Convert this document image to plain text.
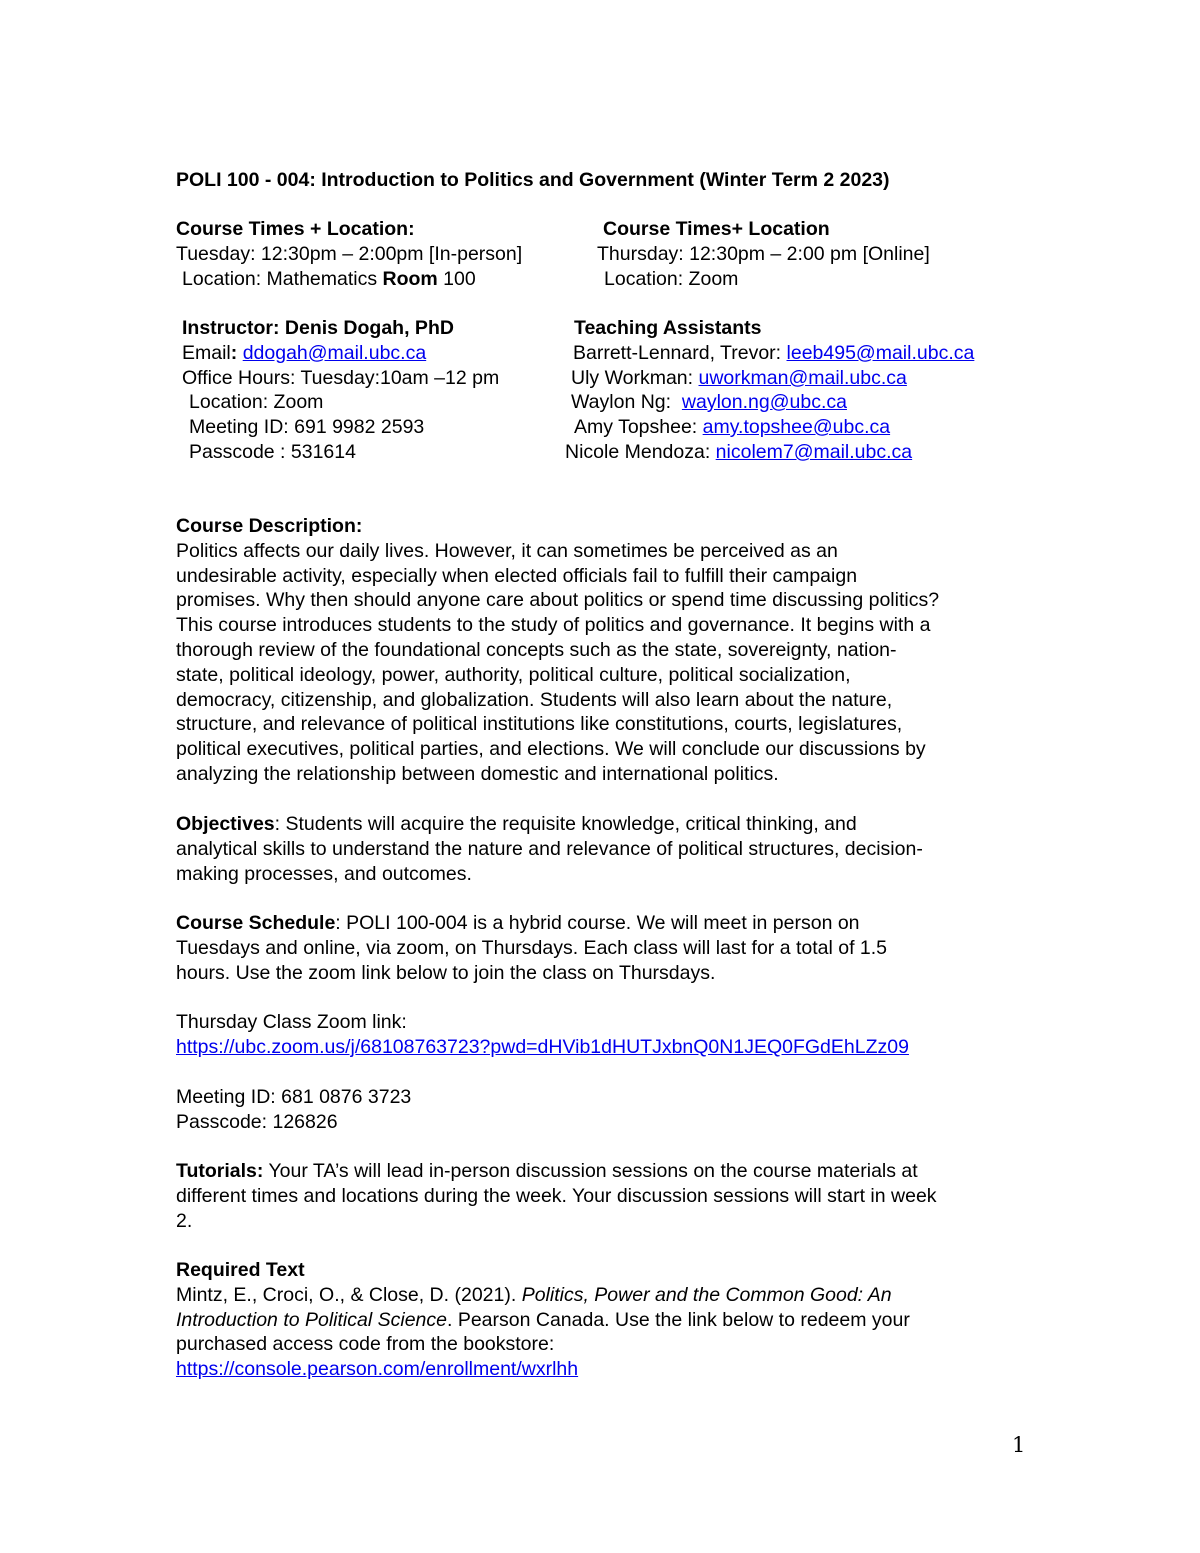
POLI 100 - 004: Introduction to Politics and Government (Winter Term 2 2023)
Course Times + Location:
Tuesday: 12:30pm – 2:00pm [In-person]
Location: Mathematics Room 100
Course Times+ Location
Thursday: 12:30pm – 2:00 pm [Online]
Location: Zoom
Instructor: Denis Dogah, PhD
Email: ddogah@mail.ubc.ca
Office Hours: Tuesday:10am –12 pm
Location: Zoom
Meeting ID: 691 9982 2593
Passcode : 531614
Teaching Assistants
Barrett-Lennard, Trevor: leeb495@mail.ubc.ca
Uly Workman: uworkman@mail.ubc.ca
Waylon Ng:  waylon.ng@ubc.ca
Amy Topshee: amy.topshee@ubc.ca
Nicole Mendoza: nicolem7@mail.ubc.ca

Course Description:

Politics affects our daily lives. However, it can sometimes be perceived as an

undesirable activity, especially when elected officials fail to fulfill their campaign

promises. Why then should anyone care about politics or spend time discussing politics?

This course introduces students to the study of politics and governance. It begins with a

thorough review of the foundational concepts such as the state, sovereignty, nation-

state, political ideology, power, authority, political culture, political socialization,

democracy, citizenship, and globalization. Students will also learn about the nature,

structure, and relevance of political institutions like constitutions, courts, legislatures,

political executives, political parties, and elections. We will conclude our discussions by

analyzing the relationship between domestic and international politics.

Objectives: Students will acquire the requisite knowledge, critical thinking, and

analytical skills to understand the nature and relevance of political structures, decision-

making processes, and outcomes.

Course Schedule: POLI 100-004 is a hybrid course. We will meet in person on

Tuesdays and online, via zoom, on Thursdays. Each class will last for a total of 1.5

hours. Use the zoom link below to join the class on Thursdays.

Thursday Class Zoom link:

https://ubc.zoom.us/j/68108763723?pwd=dHVib1dHUTJxbnQ0N1JEQ0FGdEhLZz09

Meeting ID: 681 0876 3723

Passcode: 126826

Tutorials: Your TA’s will lead in-person discussion sessions on the course materials at

different times and locations during the week. Your discussion sessions will start in week

2.

Required Text

Mintz, E., Croci, O., & Close, D. (2021). Politics, Power and the Common Good: An

Introduction to Political Science. Pearson Canada. Use the link below to redeem your

purchased access code from the bookstore:

https://console.pearson.com/enrollment/wxrlhh

1
